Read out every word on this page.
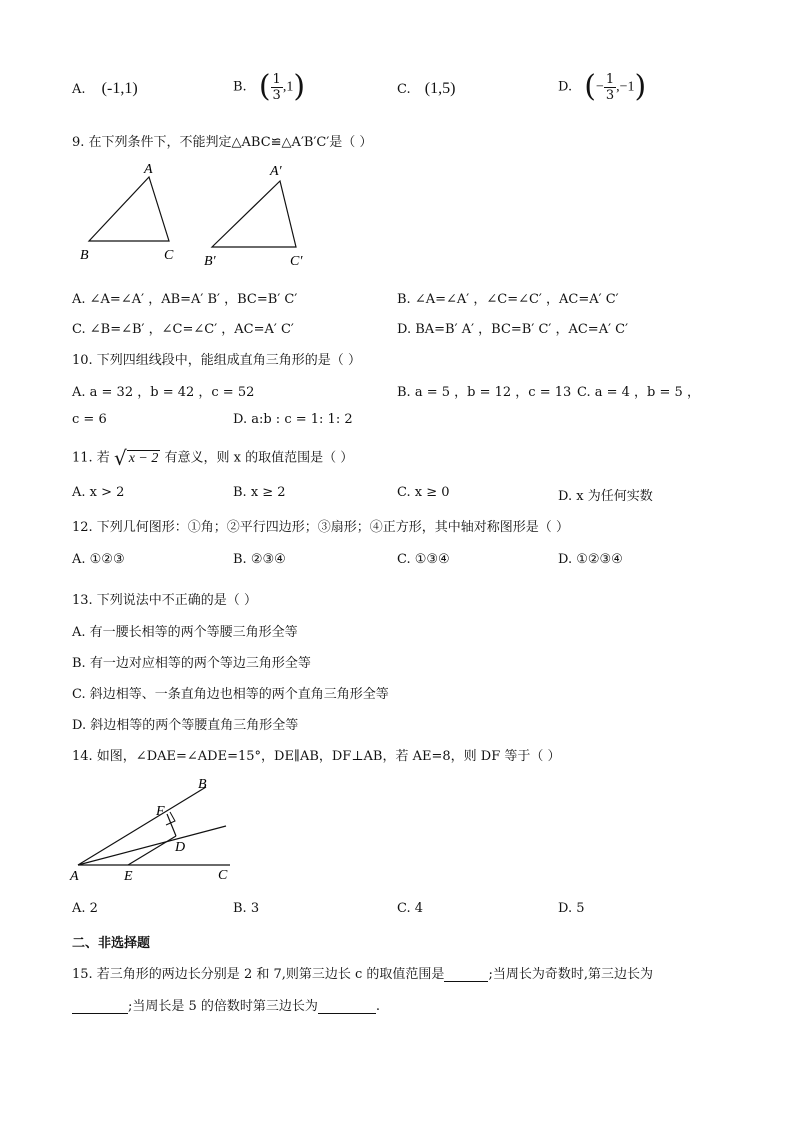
A. (-1,1)	B. ( $\frac{1}{3} ,1$)	C. (1,5)	D. (− $\frac{1}{3} ,-1$)
9. 在下列条件下，不能判定△ABC≌△A′B′C′是（ ）
A
B	C
A′
B′	C′
A. ∠A=∠A′ ，AB=A′ B′ ，BC=B′ C′	B. ∠A=∠A′ ，∠C=∠C′ ，AC=A′ C′
C. ∠B=∠B′ ，∠C=∠C′ ，AC=A′ C′	D. BA=B′ A′ ，BC=B′ C′ ，AC=A′ C′
10. 下列四组线段中，能组成直角三角形的是（ ）
A. a = 32 ，b = 42 ，c = 52	B. a = 5 ，b = 12 ，c = 13 C. a = 4 ，b = 5 ，
c = 6	D. a:b : c = 1: 1: 2
11. 若 √ x − 2 有意义，则 x 的取值范围是（ ）
A. x > 2	B. x ≥ 2	C. x ≥ 0	D. x 为任何实数
12. 下列几何图形：①角；②平行四边形；③扇形；④正方形，其中轴对称图形是（ ）
A. ①②③	B. ②③④	C. ①③④	D. ①②③④
13. 下列说法中不正确的是（ ）
A. 有一腰长相等的两个等腰三角形全等
B. 有一边对应相等的两个等边三角形全等
C. 斜边相等、一条直角边也相等的两个直角三角形全等
D. 斜边相等的两个等腰直角三角形全等
14. 如图，∠DAE=∠ADE=15°，DE∥AB，DF⊥AB，若 AE=8，则 DF 等于（ ）
B
F
D
A	E	C
A. 2	B. 3	C. 4	D. 5
二、非选择题
15. 若三角形的两边长分别是 2 和 7,则第三边长 c 的取值范围是	;当周长为奇数时,第三边长为
;当周长是 5 的倍数时第三边长为	.
